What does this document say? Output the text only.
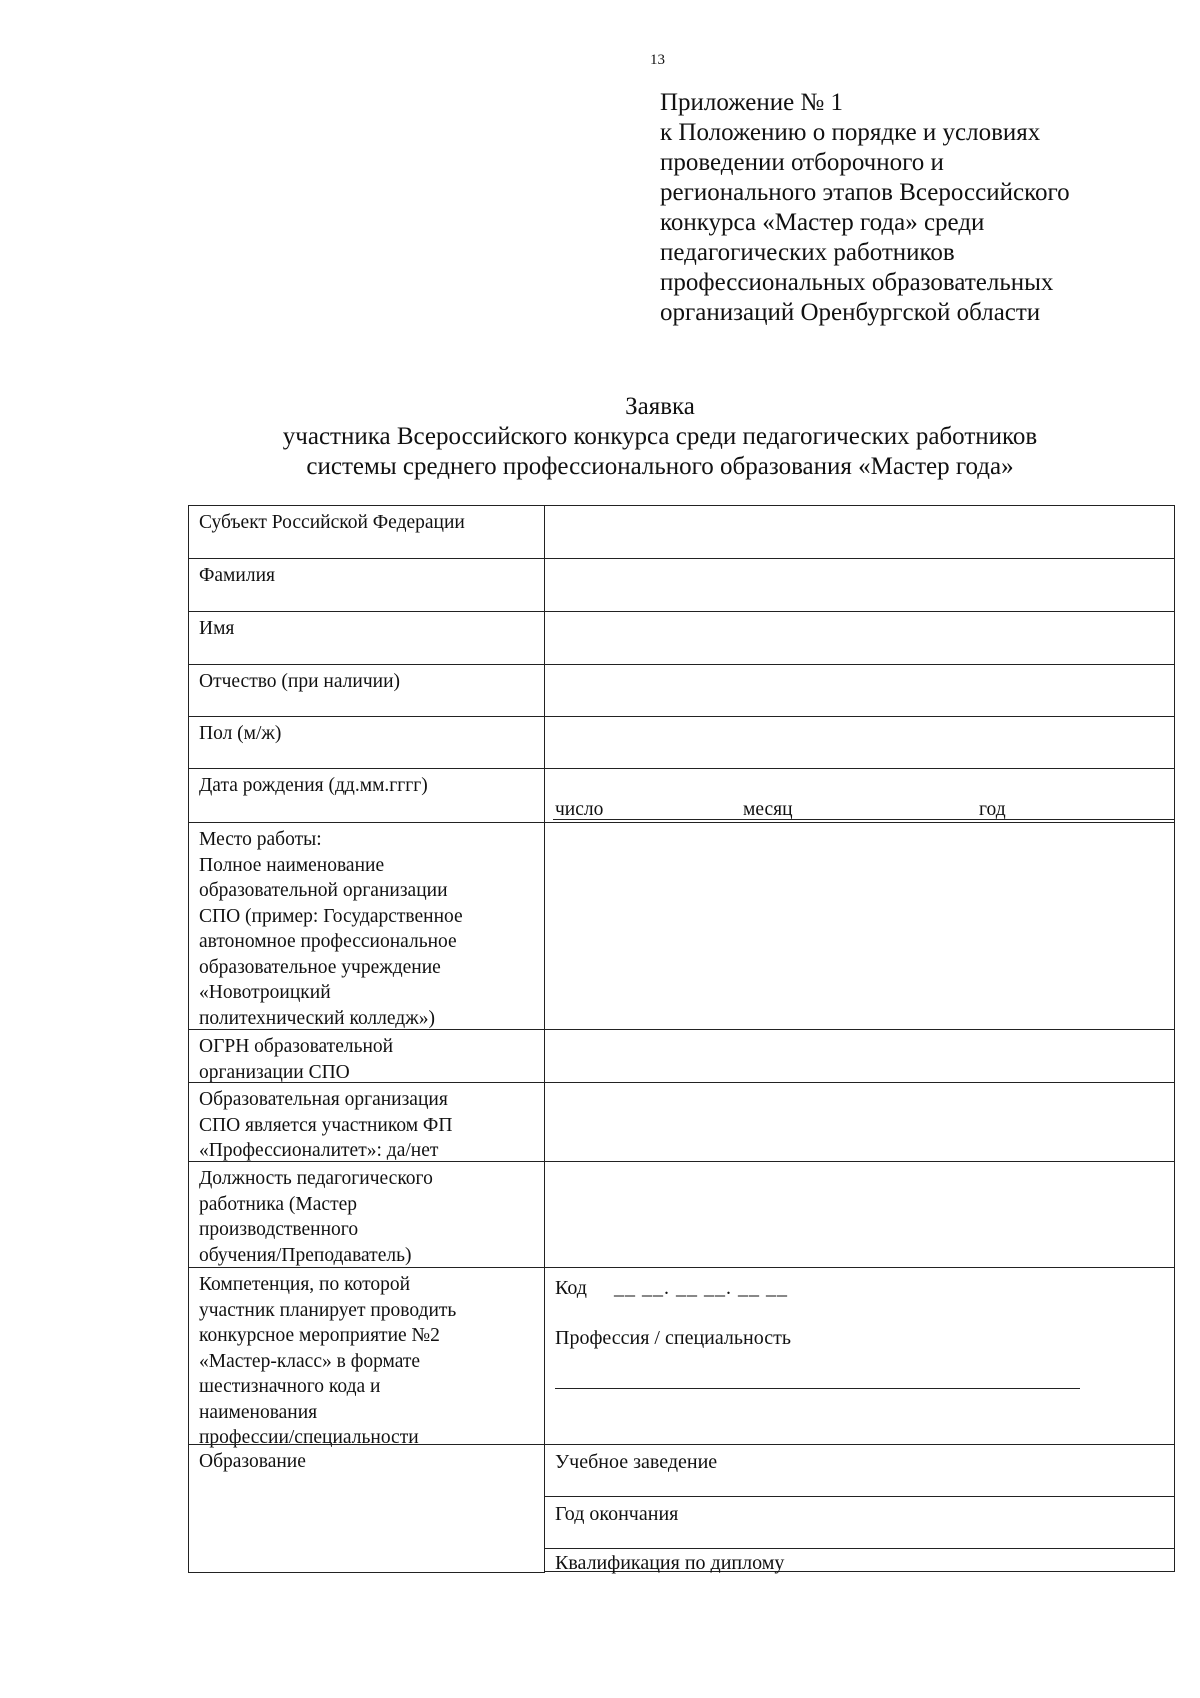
13
Приложение № 1
к Положению о порядке и условиях
проведении отборочного и
регионального этапов Всероссийского
конкурса «Мастер года» среди
педагогических работников
профессиональных образовательных
организаций Оренбургской области
Заявка
участника Всероссийского конкурса среди педагогических работников
системы среднего профессионального образования «Мастер года»
Субъект Российской Федерации
Фамилия
Имя
Отчество (при наличии)
Пол (м/ж)
Дата рождения (дд.мм.гггг)
число	месяц	год
Место работы:
Полное наименование
образовательной организации
СПО (пример: Государственное
автономное профессиональное
образовательное учреждение
«Новотроицкий
политехнический колледж»)
ОГРН образовательной
организации СПО
Образовательная организация
СПО является участником ФП
«Профессионалитет»: да/нет
Должность педагогического
работника (Мастер
производственного
обучения/Преподаватель)
Компетенция, по которой
участник планирует проводить
конкурсное мероприятие №2
«Мастер-класс» в формате
шестизначного кода и
наименования
профессии/специальности
Код __ __. __ __. __ __
Профессия / специальность
Образование	Учебное заведение
Год окончания
Квалификация по диплому
